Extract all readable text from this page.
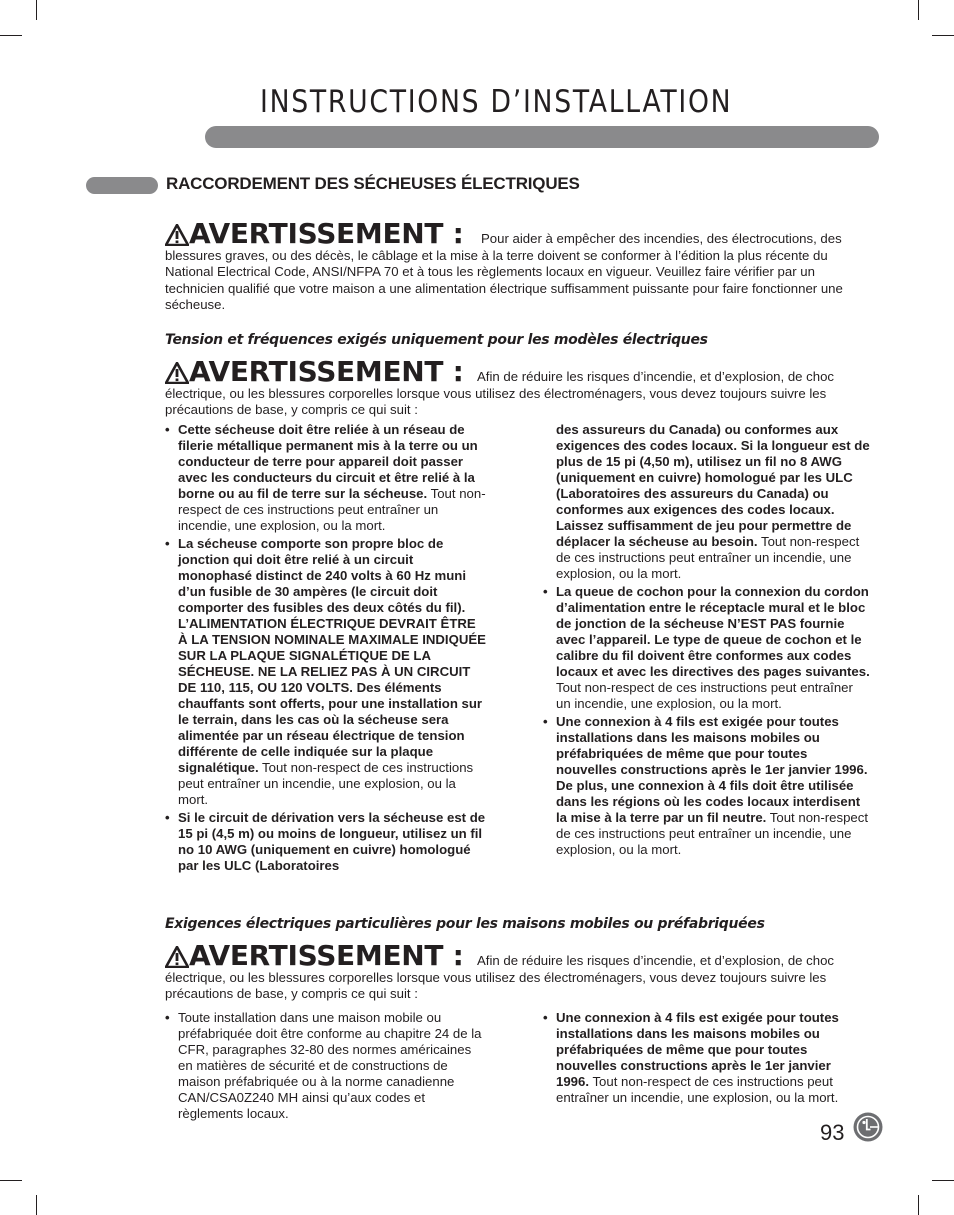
INSTRUCTIONS D’INSTALLATION
RACCORDEMENT DES SÉCHEUSES ÉLECTRIQUES
AVERTISSEMENT : Pour aider à empêcher des incendies, des électrocutions, des blessures graves, ou des décès, le câblage et la mise à la terre doivent se conformer à l’édition la plus récente du National Electrical Code, ANSI/NFPA 70 et à tous les règlements locaux en vigueur. Veuillez faire vérifier par un technicien qualifié que votre maison a une alimentation électrique suffisamment puissante pour faire fonctionner une sécheuse.
Tension et fréquences exigés uniquement pour les modèles électriques
AVERTISSEMENT : Afin de réduire les risques d’incendie, et d’explosion, de choc électrique, ou les blessures corporelles lorsque vous utilisez des électroménagers, vous devez toujours suivre les précautions de base, y compris ce qui suit :
• Cette sécheuse doit être reliée à un réseau de filerie métallique permanent mis à la terre ou un conducteur de terre pour appareil doit passer avec les conducteurs du circuit et être relié à la borne ou au fil de terre sur la sécheuse. Tout non-respect de ces instructions peut entraîner un incendie, une explosion, ou la mort.
• La sécheuse comporte son propre bloc de jonction qui doit être relié à un circuit monophasé distinct de 240 volts à 60 Hz muni d’un fusible de 30 ampères (le circuit doit comporter des fusibles des deux côtés du fil). L’ALIMENTATION ÉLECTRIQUE DEVRAIT ÊTRE À LA TENSION NOMINALE MAXIMALE INDIQUÉE SUR LA PLAQUE SIGNALÉTIQUE DE LA SÉCHEUSE. NE LA RELIEZ PAS À UN CIRCUIT DE 110, 115, OU 120 VOLTS. Des éléments chauffants sont offerts, pour une installation sur le terrain, dans les cas où la sécheuse sera alimentée par un réseau électrique de tension différente de celle indiquée sur la plaque signalétique. Tout non-respect de ces instructions peut entraîner un incendie, une explosion, ou la mort.
• Si le circuit de dérivation vers la sécheuse est de 15 pi (4,5 m) ou moins de longueur, utilisez un fil no 10 AWG (uniquement en cuivre) homologué par les ULC (Laboratoires
des assureurs du Canada) ou conformes aux exigences des codes locaux. Si la longueur est de plus de 15 pi (4,50 m), utilisez un fil no 8 AWG (uniquement en cuivre) homologué par les ULC (Laboratoires des assureurs du Canada) ou conformes aux exigences des codes locaux. Laissez suffisamment de jeu pour permettre de déplacer la sécheuse au besoin. Tout non-respect de ces instructions peut entraîner un incendie, une explosion, ou la mort.
• La queue de cochon pour la connexion du cordon d’alimentation entre le réceptacle mural et le bloc de jonction de la sécheuse N’EST PAS fournie avec l’appareil. Le type de queue de cochon et le calibre du fil doivent être conformes aux codes locaux et avec les directives des pages suivantes. Tout non-respect de ces instructions peut entraîner un incendie, une explosion, ou la mort.
• Une connexion à 4 fils est exigée pour toutes installations dans les maisons mobiles ou préfabriquées de même que pour toutes nouvelles constructions après le 1er janvier 1996. De plus, une connexion à 4 fils doit être utilisée dans les régions où les codes locaux interdisent la mise à la terre par un fil neutre. Tout non-respect de ces instructions peut entraîner un incendie, une explosion, ou la mort.
Exigences électriques particulières pour les maisons mobiles ou préfabriquées
AVERTISSEMENT : Afin de réduire les risques d’incendie, et d’explosion, de choc électrique, ou les blessures corporelles lorsque vous utilisez des électroménagers, vous devez toujours suivre les précautions de base, y compris ce qui suit :
• Toute installation dans une maison mobile ou préfabriquée doit être conforme au chapitre 24 de la CFR, paragraphes 32-80 des normes américaines en matières de sécurité et de constructions de maison préfabriquée ou à la norme canadienne CAN/CSA0Z240 MH ainsi qu’aux codes et règlements locaux.
• Une connexion à 4 fils est exigée pour toutes installations dans les maisons mobiles ou préfabriquées de même que pour toutes nouvelles constructions après le 1er janvier 1996. Tout non-respect de ces instructions peut entraîner un incendie, une explosion, ou la mort.
93
